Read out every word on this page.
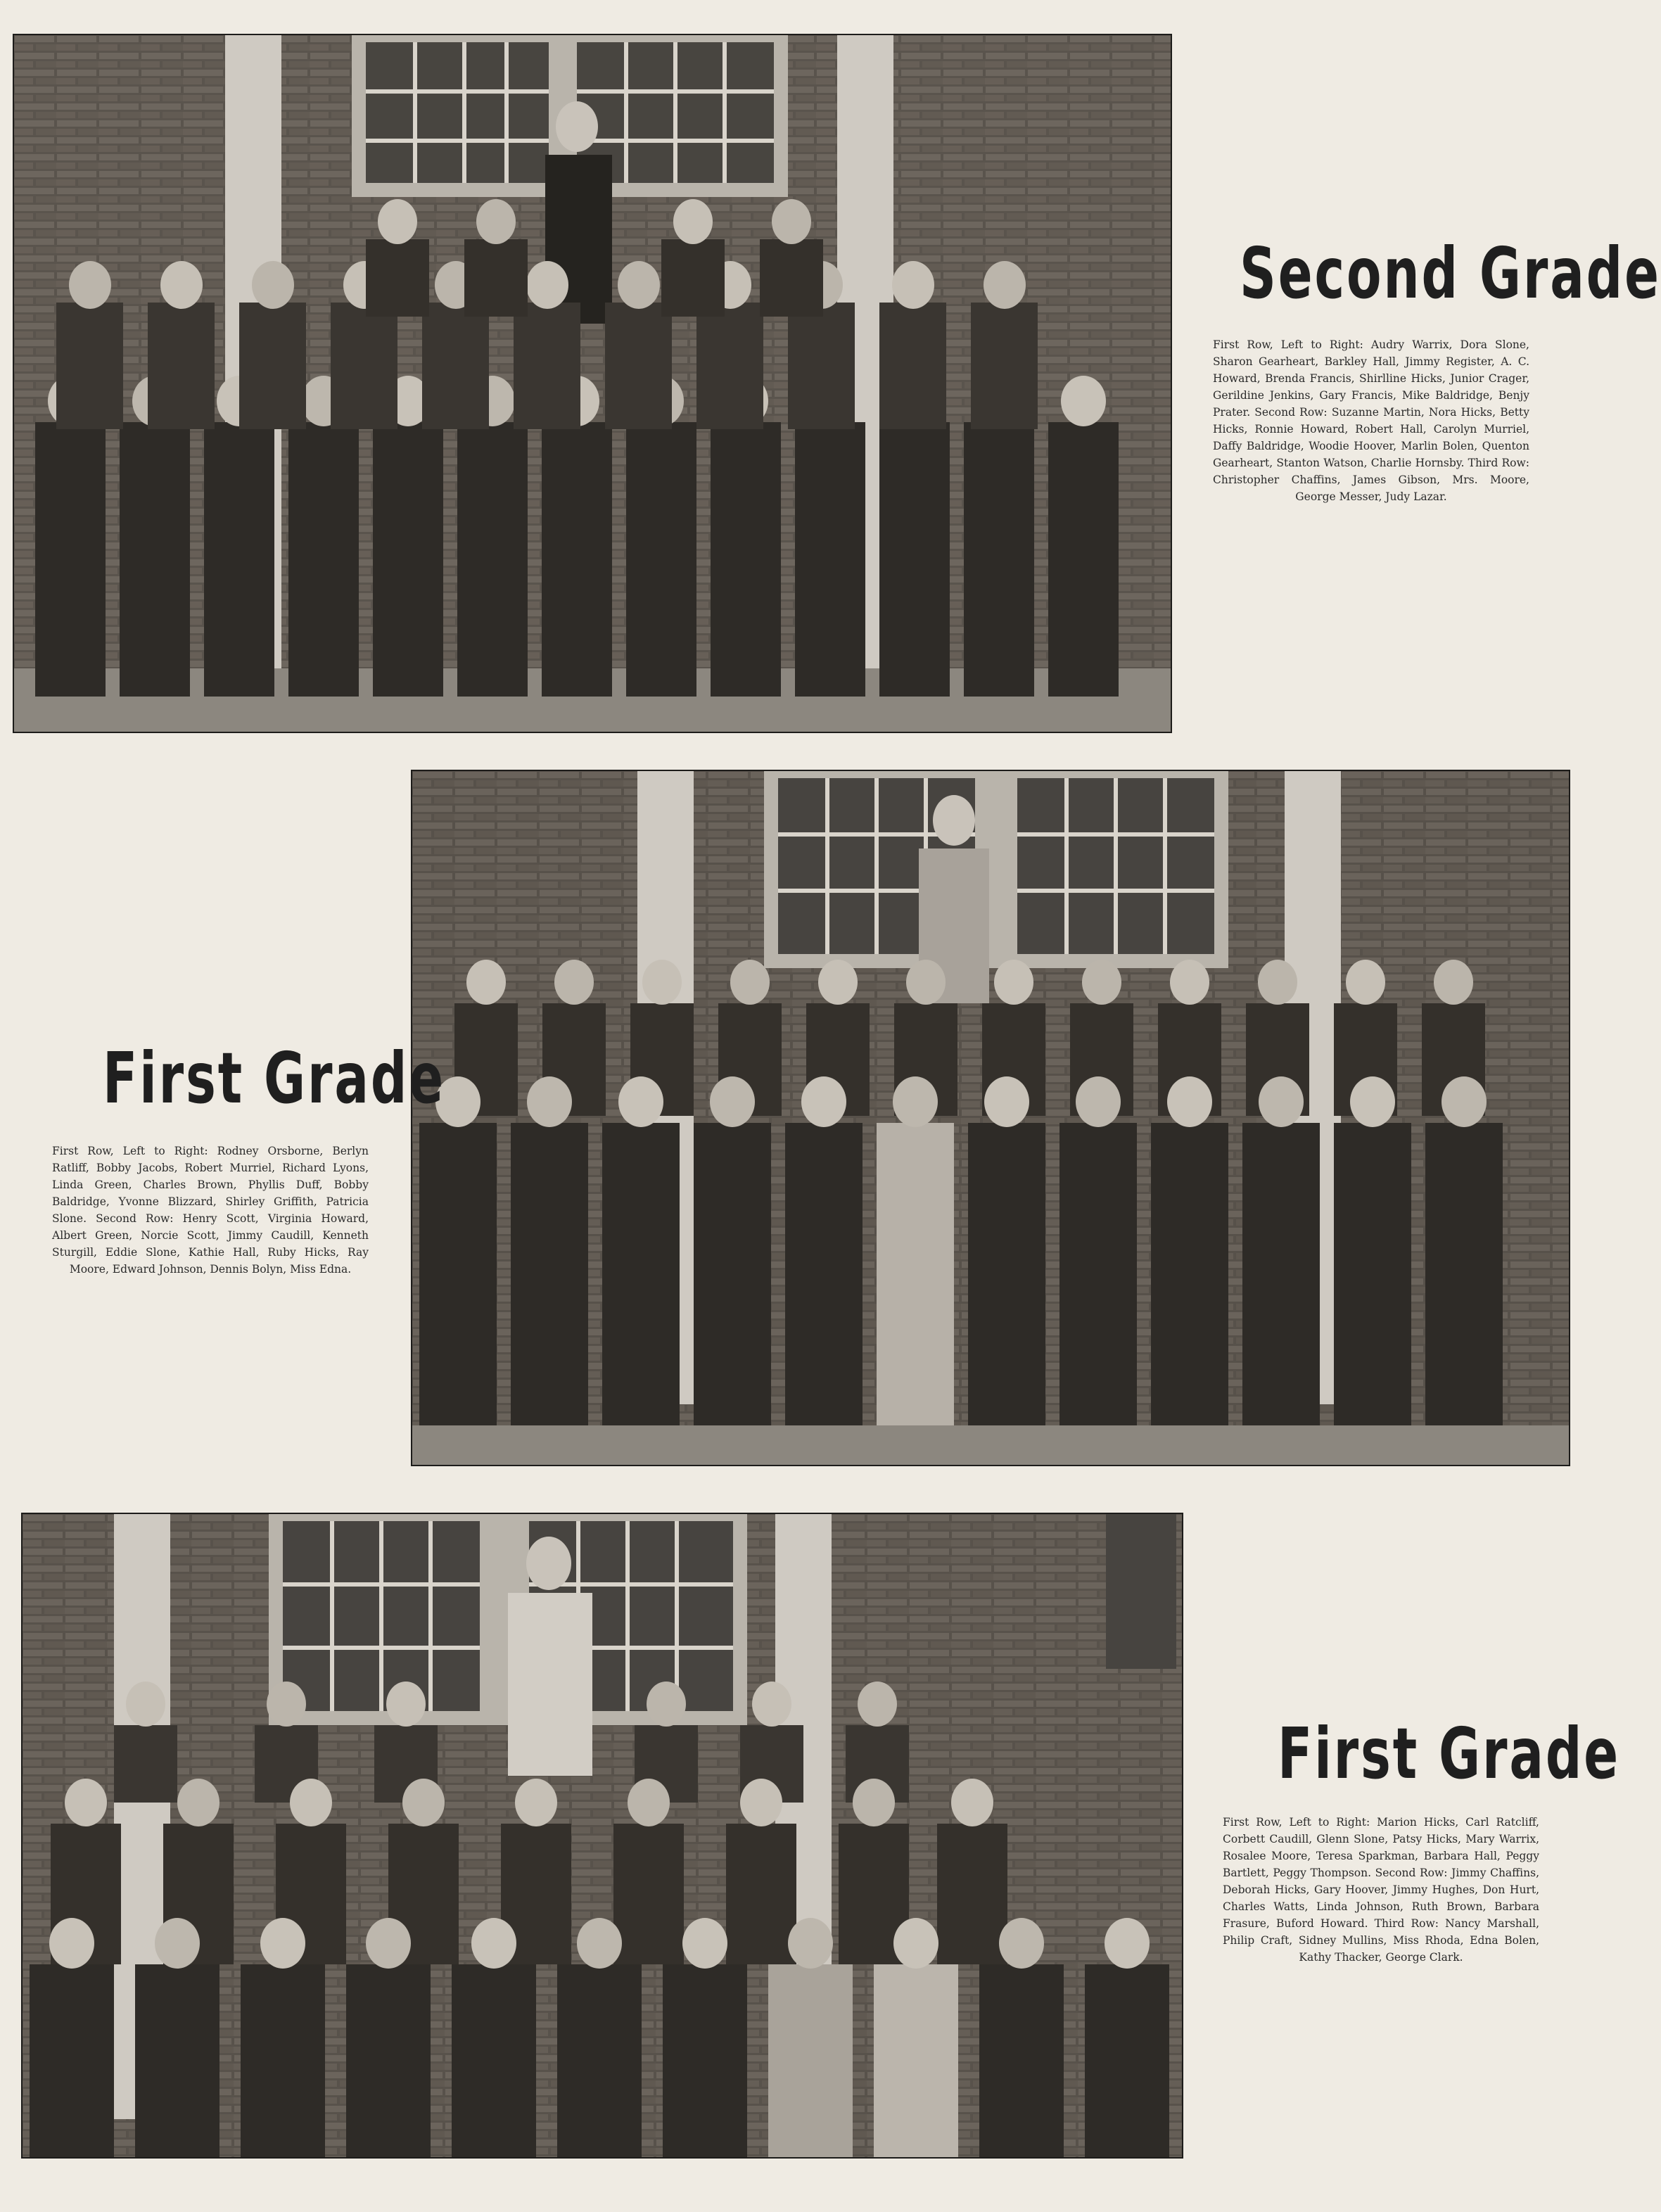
Second Grade

First Row, Left to Right: Audry Warrix, Dora Slone, Sharon Gearheart, Barkley Hall, Jimmy Register, A. C. Howard, Brenda Francis, Shirlline Hicks, Junior Crager, Gerildine Jenkins, Gary Francis, Mike Baldridge, Benjy Prater. Second Row: Suzanne Martin, Nora Hicks, Betty Hicks, Ronnie Howard, Robert Hall, Carolyn Murriel, Daffy Baldridge, Woodie Hoover, Marlin Bolen, Quenton Gearheart, Stanton Watson, Charlie Hornsby. Third Row: Christopher Chaffins, James Gibson, Mrs. Moore, George Messer, Judy Lazar.

First Grade

First Row, Left to Right: Rodney Orsborne, Berlyn Ratliff, Bobby Jacobs, Robert Murriel, Richard Lyons, Linda Green, Charles Brown, Phyllis Duff, Bobby Baldridge, Yvonne Blizzard, Shirley Griffith, Patricia Slone. Second Row: Henry Scott, Virginia Howard, Albert Green, Norcie Scott, Jimmy Caudill, Kenneth Sturgill, Eddie Slone, Kathie Hall, Ruby Hicks, Ray Moore, Edward Johnson, Dennis Bolyn, Miss Edna.

First Grade

First Row, Left to Right: Marion Hicks, Carl Ratcliff, Corbett Caudill, Glenn Slone, Patsy Hicks, Mary Warrix, Rosalee Moore, Teresa Sparkman, Barbara Hall, Peggy Bartlett, Peggy Thompson. Second Row: Jimmy Chaffins, Deborah Hicks, Gary Hoover, Jimmy Hughes, Don Hurt, Charles Watts, Linda Johnson, Ruth Brown, Barbara Frasure, Buford Howard. Third Row: Nancy Marshall, Philip Craft, Sidney Mullins, Miss Rhoda, Edna Bolen, Kathy Thacker, George Clark.
